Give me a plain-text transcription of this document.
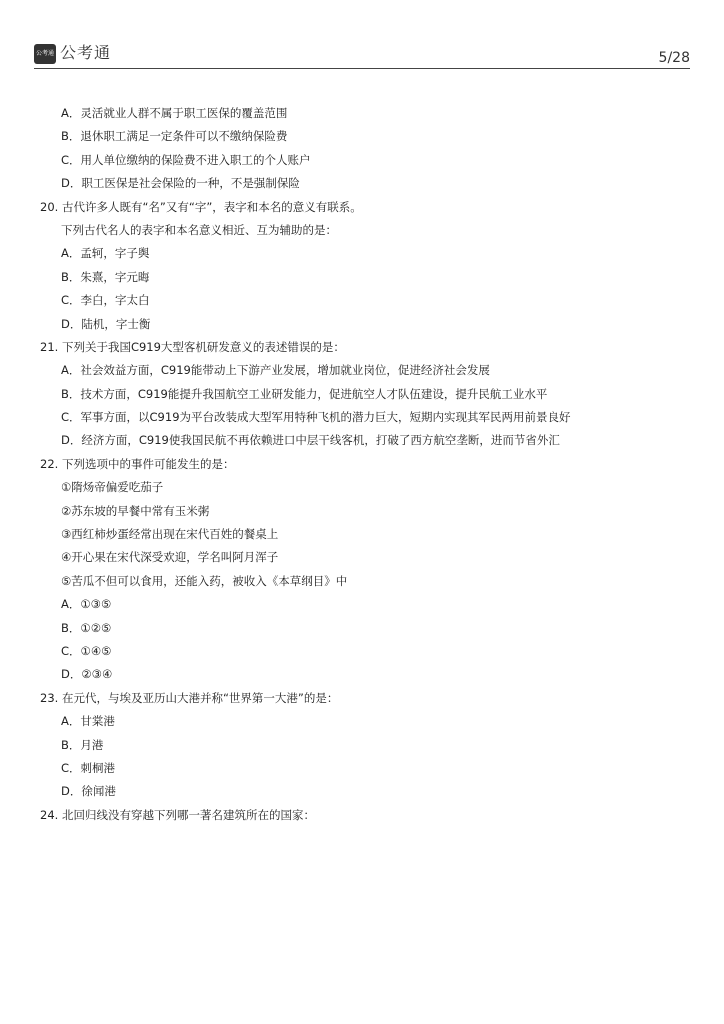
公考通 公考通	5/28
A．灵活就业人群不属于职工医保的覆盖范围
B．退休职工满足一定条件可以不缴纳保险费
C．用人单位缴纳的保险费不进入职工的个人账户
D．职工医保是社会保险的一种，不是强制保险
20. 古代许多人既有“名”又有“字”，表字和本名的意义有联系。
下列古代名人的表字和本名意义相近、互为辅助的是：
A．孟轲，字子舆
B．朱熹，字元晦
C．李白，字太白
D．陆机，字士衡
21. 下列关于我国C919大型客机研发意义的表述错误的是：
A．社会效益方面，C919能带动上下游产业发展，增加就业岗位，促进经济社会发展
B．技术方面，C919能提升我国航空工业研发能力，促进航空人才队伍建设，提升民航工业水平
C．军事方面，以C919为平台改装成大型军用特种飞机的潜力巨大，短期内实现其军民两用前景良好
D．经济方面，C919使我国民航不再依赖进口中层干线客机，打破了西方航空垄断，进而节省外汇
22. 下列选项中的事件可能发生的是：
①隋炀帝偏爱吃茄子
②苏东坡的早餐中常有玉米粥
③西红柿炒蛋经常出现在宋代百姓的餐桌上
④开心果在宋代深受欢迎，学名叫阿月浑子
⑤苦瓜不但可以食用，还能入药，被收入《本草纲目》中
A．①③⑤
B．①②⑤
C．①④⑤
D．②③④
23. 在元代，与埃及亚历山大港并称“世界第一大港”的是：
A．甘棠港
B．月港
C．刺桐港
D．徐闻港
24. 北回归线没有穿越下列哪一著名建筑所在的国家：
